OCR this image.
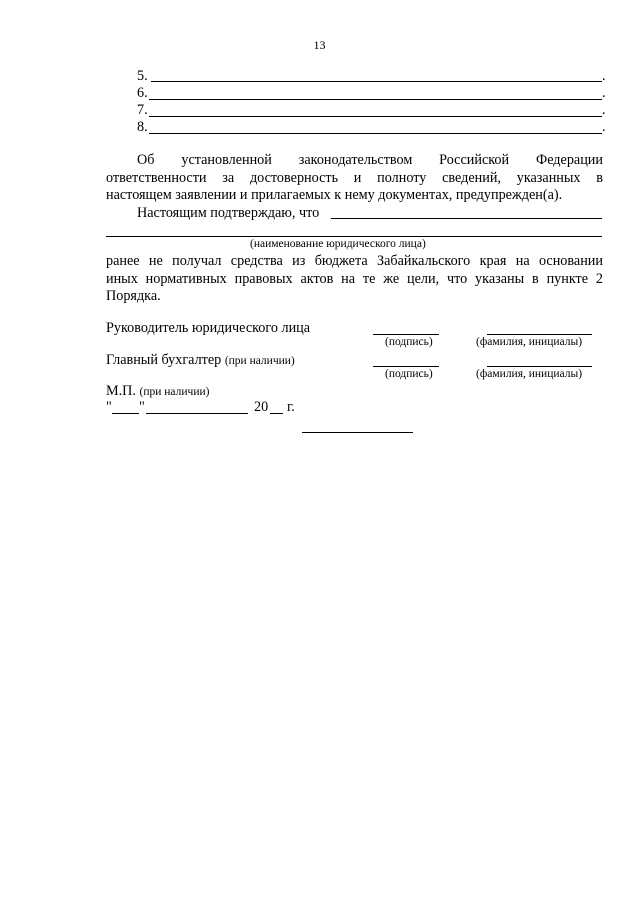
13
5.	.
6.	.
7.	.
8.	.
Об установленной законодательством Российской Федерации
ответственности за достоверность и полноту сведений, указанных в
настоящем заявлении и прилагаемых к нему документах, предупрежден(а).
Настоящим подтверждаю, что
(наименование юридического лица)
ранее не получал средства из бюджета Забайкальского края на основании
иных нормативных правовых актов на те же цели, что указаны в пункте 2
Порядка.
Руководитель юридического лица
(подпись)	(фамилия, инициалы)
Главный бухгалтер (при наличии)
(подпись)	(фамилия, инициалы)
М.П. (при наличии)
" "	20 г.
